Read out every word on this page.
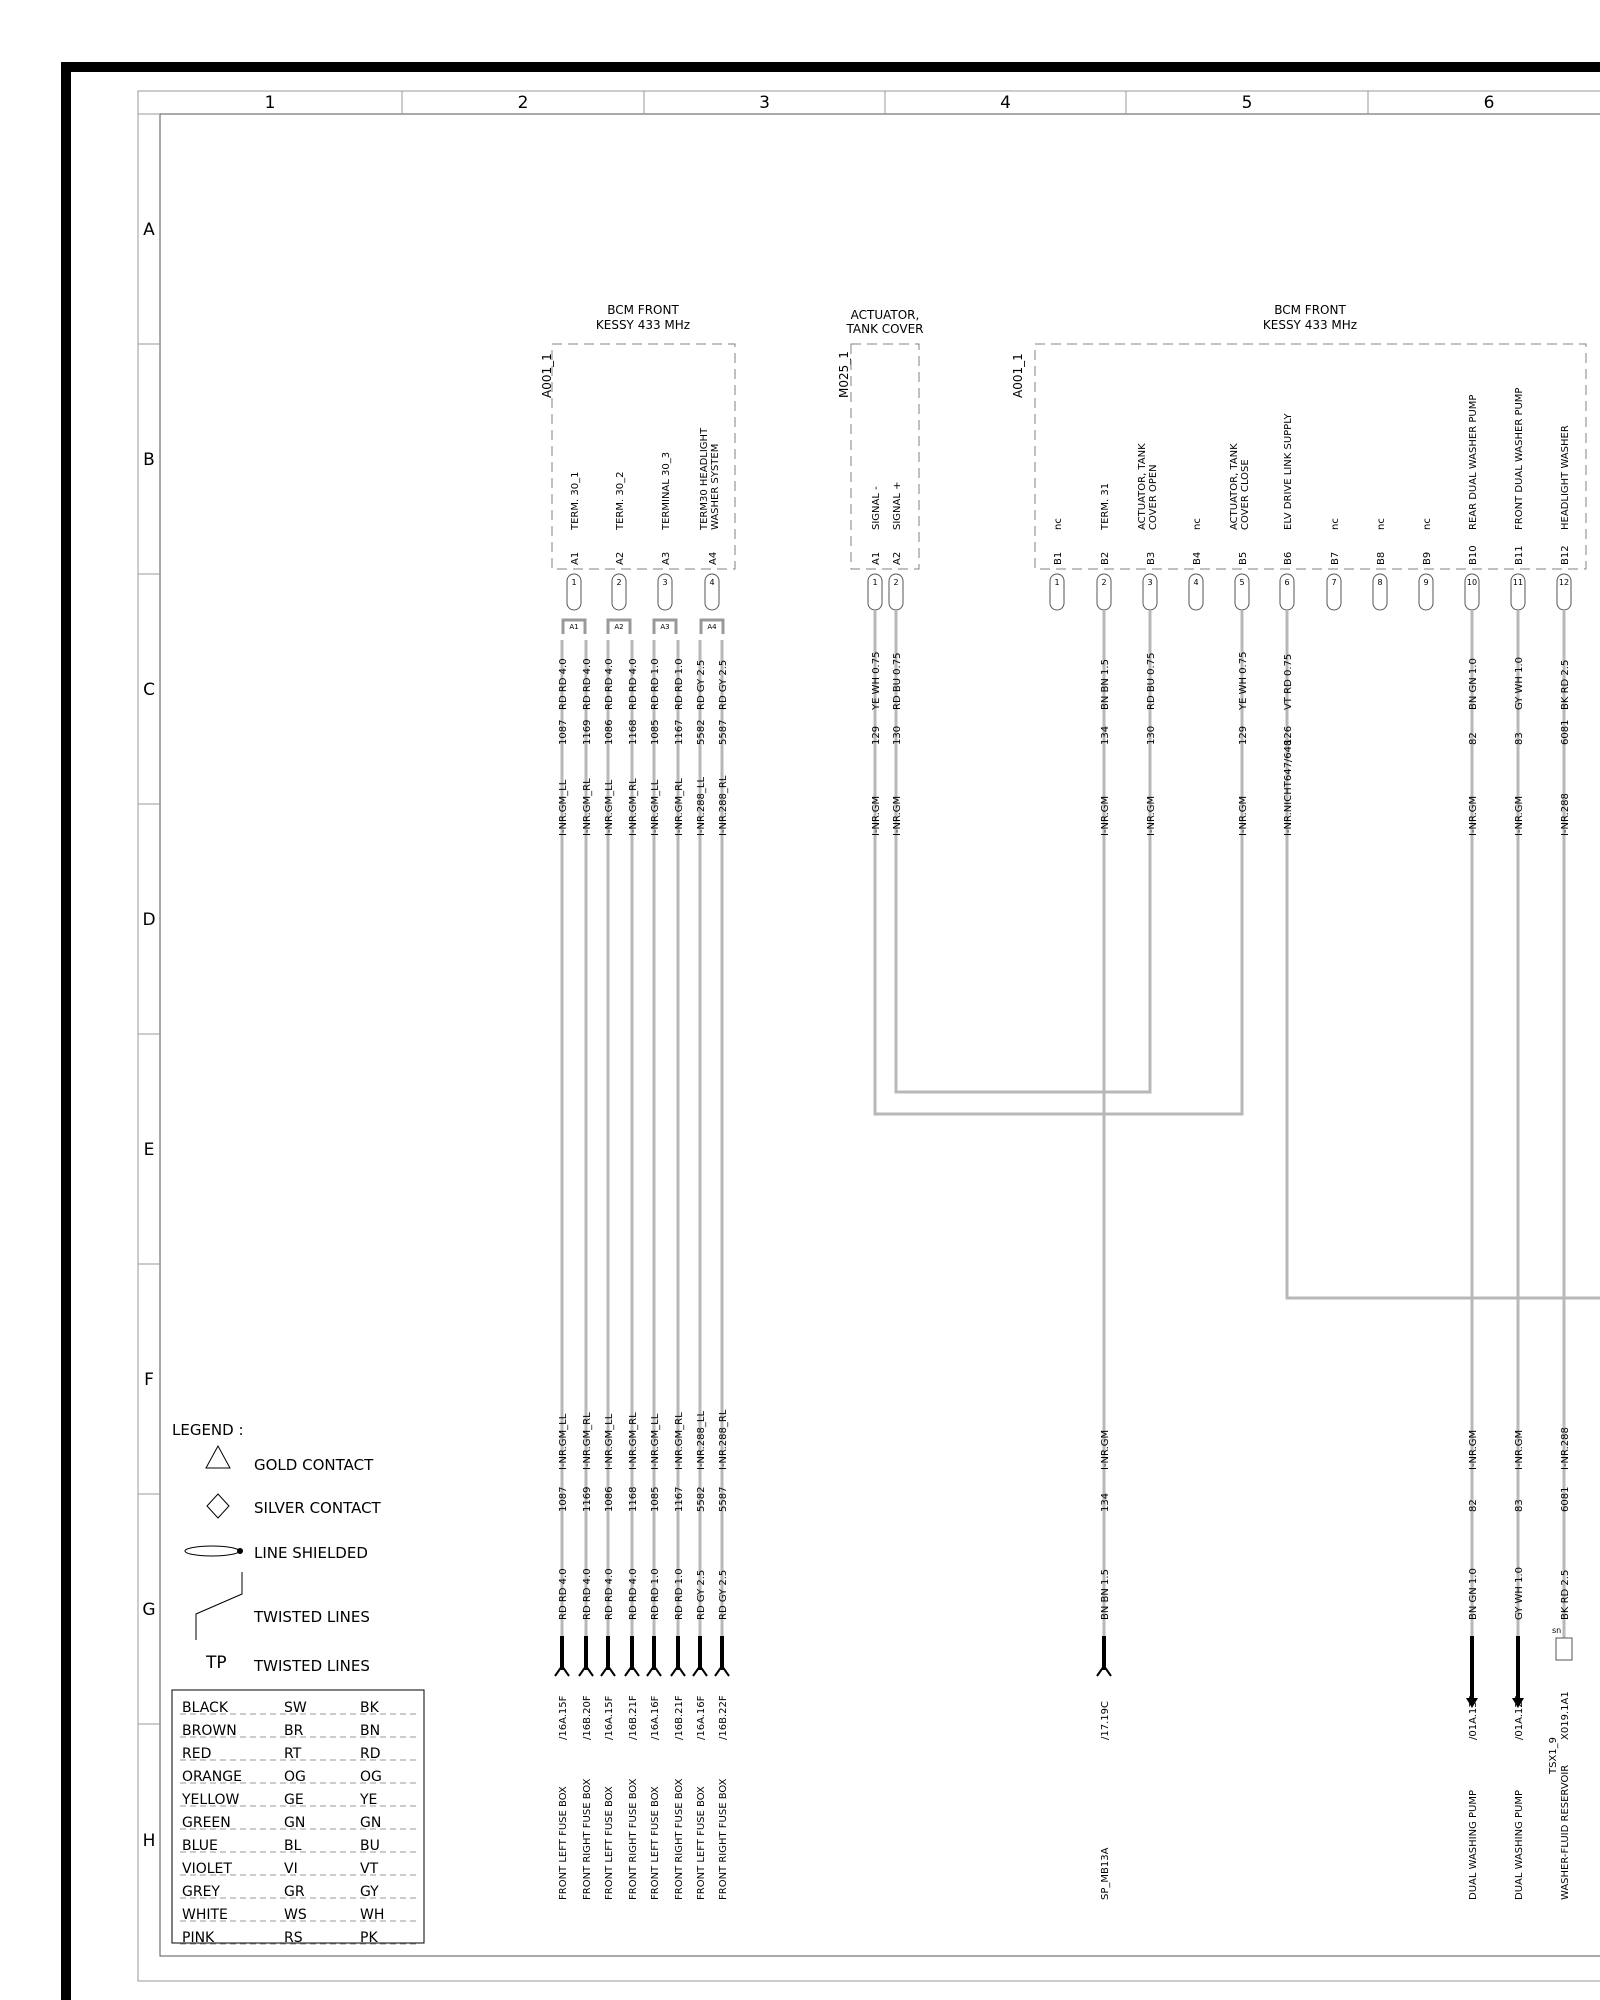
1	2	3	4	5	6
A
B
C
D
E
F
G
H
BCM FRONT
KESSY 433 MHz
A001_1
ACTUATOR,
TANK COVER
M025_1
BCM FRONT
KESSY 433 MHz
A001_1
TERM. 30_1
A1
1
TERM. 30_2
A2
2
TERMINAL 30_3
A3
3
TERM30 HEADLIGHT WASHER SYSTEM
A4
4
SIGNAL -
A1
1
SIGNAL +
A2
2
nc
B1
1
TERM. 31
B2
2
ACTUATOR, TANK COVER OPEN
B3
3
nc
B4
4
ACTUATOR, TANK COVER CLOSE
B5
5
ELV DRIVE LINK SUPPLY
B6
6
nc
B7
7
nc
B8
8
nc
B9
9
REAR DUAL WASHER PUMP
B10
10
FRONT DUAL WASHER PUMP
B11
11
HEADLIGHT WASHER
B12
12
A1	A2	A3	A4
I-NR.GM_LL
1087
RD RD 4.0
I-NR.GM_RL
1169
RD RD 4.0
I-NR.GM_LL
1086
RD RD 4.0
I-NR.GM_RL
1168
RD RD 4.0
I-NR.GM_LL
1085
RD RD 1.0
I-NR.GM_RL
1167
RD RD 1.0
I-NR.288_LL
5582
RD GY 2.5
I-NR.288_RL
5587
RD GY 2.5
I-NR.GM
129
YE WH 0.75
I-NR.GM
130
RD BU 0.75
I-NR.GM
134
BN BN 1.5
I-NR.GM
130
RD BU 0.75
I-NR.GM
129
YE WH 0.75
I-NR.NICHT647/648
126
VT RD 0.75
I-NR.GM
82
BN GN 1.0
I-NR.GM
83
GY WH 1.0
I-NR.288
6081
BK RD 2.5
I-NR.GM_LL
1087
RD RD 4.0
/16A.15F
FRONT LEFT FUSE BOX
I-NR.GM_RL
1169
RD RD 4.0
/16B.20F
FRONT RIGHT FUSE BOX
I-NR.GM_LL
1086
RD RD 4.0
/16A.15F
FRONT LEFT FUSE BOX
I-NR.GM_RL
1168
RD RD 4.0
/16B.21F
FRONT RIGHT FUSE BOX
I-NR.GM_LL
1085
RD RD 1.0
/16A.16F
FRONT LEFT FUSE BOX
I-NR.GM_RL
1167
RD RD 1.0
/16B.21F
FRONT RIGHT FUSE BOX
I-NR.288_LL
5582
RD GY 2.5
/16A.16F
FRONT LEFT FUSE BOX
I-NR.288_RL
5587
RD GY 2.5
/16B.22F
FRONT RIGHT FUSE BOX
I-NR.GM
134
BN BN 1.5
/17.19C
SP_MB13A
I-NR.GM
82
BN GN 1.0
/01A.13F
DUAL WASHING PUMP
I-NR.GM
83
GY WH 1.0
/01A.12F
DUAL WASHING PUMP
I-NR.288
6081
BK RD 2.5
sn
X019.1A1
WASHER-FLUID RESERVOIR
TSX1_9
LEGEND :
GOLD CONTACT
SILVER CONTACT
LINE SHIELDED
TWISTED LINES
TP TWISTED LINES
BLACK	SW	BK
BROWN	BR	BN
RED	RT	RD
ORANGE	OG	OG
YELLOW	GE	YE
GREEN	GN	GN
BLUE	BL	BU
VIOLET	VI	VT
GREY	GR	GY
WHITE	WS	WH
PINK	RS	PK
